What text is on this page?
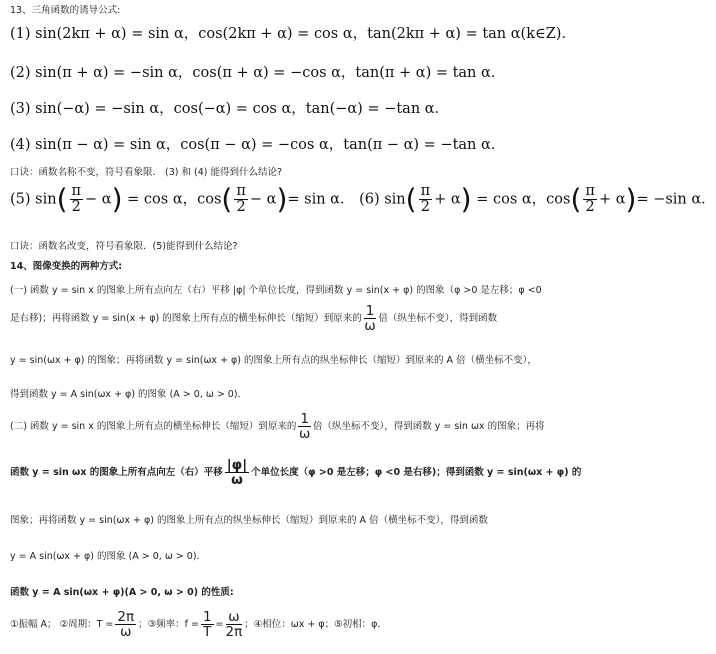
13、三角函数的诱导公式:
(1) sin(2kπ + α) = sin α，cos(2kπ + α) = cos α，tan(2kπ + α) = tan α(k∈Z)．
(2) sin(π + α) = −sin α，cos(π + α) = −cos α，tan(π + α) = tan α．
(3) sin(−α) = −sin α，cos(−α) = cos α，tan(−α) = −tan α．
(4) sin(π − α) = sin α，cos(π − α) = −cos α，tan(π − α) = −tan α．
口诀：函数名称不变，符号看象限． (3) 和 (4) 能得到什么结论?
(5) $\sin( \frac{\pi}{2} - \alpha) = \cos \alpha$，$\cos( \frac{\pi}{2} - \alpha)= \sin \alpha$． (6) $\sin( \frac{\pi}{2} + \alpha) = \cos \alpha$，$\cos( \frac{\pi}{2} + \alpha)= -\sin$ α．
口诀：函数名改变，符号看象限．(5)能得到什么结论?
14、图像变换的两种方式:
(一) 函数 y = sin x 的图象上所有点向左（右）平移 |φ| 个单位长度，得到函数 y = sin(x + φ) 的图象（φ >0 是左移；φ <0
是右移)；再将函数 y = sin(x + φ) 的图象上所有点的横坐标伸长（缩短）到原来的 $\frac{1}{\omega}$ 倍（纵坐标不变），得到函数
y = sin(ωx + φ) 的图象；再将函数 y = sin(ωx + φ) 的图象上所有点的纵坐标伸长（缩短）到原来的 A 倍（横坐标不变），
得到函数 y = A sin(ωx + φ) 的图象 (A > 0, ω > 0)．
(二) 函数 y = sin x 的图象上所有点的横坐标伸长（缩短）到原来的 $\frac{1}{\omega}$ 倍（纵坐标不变），得到函数 y = sin ωx 的图象；再将
函数 y = sin ωx 的图象上所有点向左（右）平移 $\frac{|\varphi|}{\omega}$ 个单位长度（φ >0 是左移；φ <0 是右移)；得到函数 y = sin(ωx + φ) 的
图象；再将函数 y = sin(ωx + φ) 的图象上所有点的纵坐标伸长（缩短）到原来的 A 倍（横坐标不变），得到函数
y = A sin(ωx + φ) 的图象 (A > 0, ω > 0)．
函数 y = A sin(ωx + φ)(A > 0, ω > 0) 的性质:
①振幅 A； ②周期：$T = \frac{2\pi}{\omega}$ ；③频率：$f = \frac{1}{T} = \frac{\omega}{2\pi}$ ；④相位：ωx + φ；⑤初相：φ．
